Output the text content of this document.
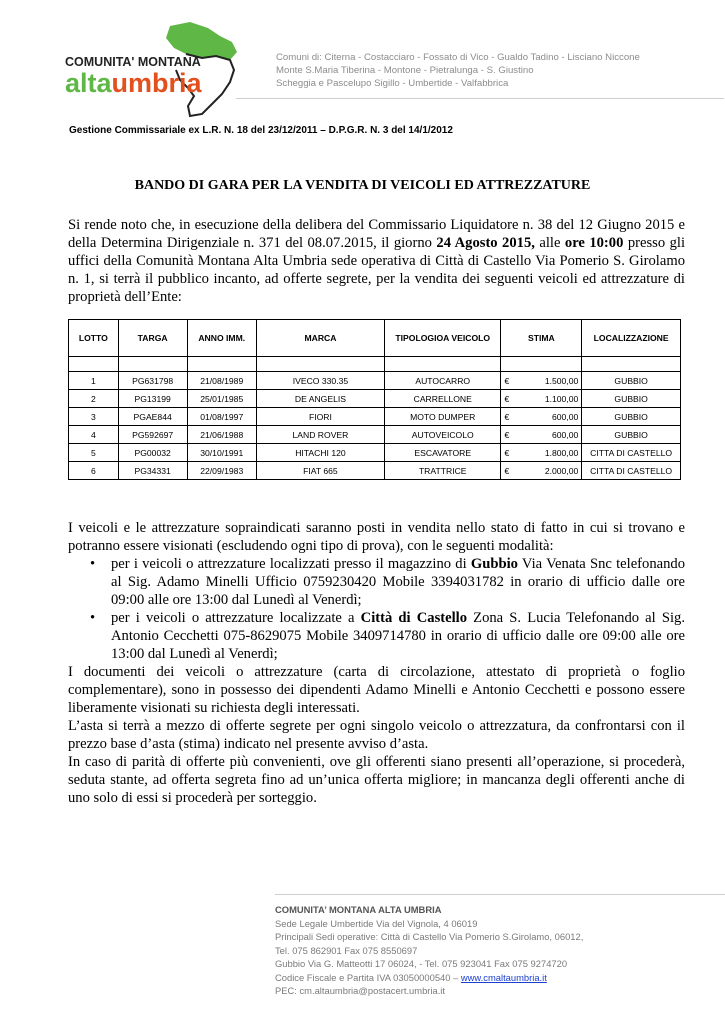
COMUNITA' MONTANA
altaumbria
Comuni di: Citerna - Costacciaro - Fossato di Vico - Gualdo Tadino - Lisciano Niccone
Monte S.Maria Tiberina - Montone - Pietralunga - S. Giustino
Scheggia e Pascelupo Sigillo - Umbertide - Valfabbrica
Gestione Commissariale ex L.R. N. 18 del 23/12/2011 – D.P.G.R. N. 3 del 14/1/2012
BANDO DI GARA PER LA VENDITA DI VEICOLI ED ATTREZZATURE
Si rende noto che, in esecuzione della delibera del Commissario Liquidatore n. 38 del 12 Giugno 2015 e della Determina Dirigenziale n. 371 del 08.07.2015, il giorno 24 Agosto 2015, alle ore 10:00 presso gli uffici della Comunità Montana Alta Umbria sede operativa di Città di Castello Via Pomerio S. Girolamo n. 1, si terrà il pubblico incanto, ad offerte segrete, per la vendita dei seguenti veicoli ed attrezzature di proprietà dell’Ente:
LOTTO	TARGA	ANNO IMM.	MARCA	TIPOLOGIOA VEICOLO	STIMA		LOCALIZZAZIONE

1	PG631798	21/08/1989	IVECO 330.35	AUTOCARRO	€	1.500,00	GUBBIO
2	PG13199	25/01/1985	DE ANGELIS	CARRELLONE	€	1.100,00	GUBBIO
3	PGAE844	01/08/1997	FIORI	MOTO DUMPER	€	600,00	GUBBIO
4	PG592697	21/06/1988	LAND ROVER	AUTOVEICOLO	€	600,00	GUBBIO
5	PG00032	30/10/1991	HITACHI 120	ESCAVATORE	€	1.800,00	CITTA DI CASTELLO
6	PG34331	22/09/1983	FIAT 665	TRATTRICE	€	2.000,00	CITTA DI CASTELLO

I veicoli e le attrezzature sopraindicati saranno posti in vendita nello stato di fatto in cui si trovano e potranno essere visionati (escludendo ogni tipo di prova), con le seguenti modalità:

• per i veicoli o attrezzature localizzati presso il magazzino di Gubbio Via Venata Snc telefonando al Sig. Adamo Minelli Ufficio 0759230420 Mobile 3394031782 in orario di ufficio dalle ore 09:00 alle ore 13:00 dal Lunedì al Venerdì;
• per i veicoli o attrezzature localizzate a Città di Castello Zona S. Lucia Telefonando al Sig. Antonio Cecchetti 075-8629075 Mobile 3409714780 in orario di ufficio dalle ore 09:00 alle ore 13:00 dal Lunedì al Venerdì;

I documenti dei veicoli o attrezzature (carta di circolazione, attestato di proprietà o foglio complementare), sono in possesso dei dipendenti Adamo Minelli e Antonio Cecchetti e possono essere liberamente visionati su richiesta degli interessati.

L’asta si terrà a mezzo di offerte segrete per ogni singolo veicolo o attrezzatura, da confrontarsi con il prezzo base d’asta (stima) indicato nel presente avviso d’asta.

In caso di parità di offerte più convenienti, ove gli offerenti siano presenti all’operazione, si procederà, seduta stante, ad offerta segreta fino ad un’unica offerta migliore; in mancanza degli offerenti anche di uno solo di essi si procederà per sorteggio.

COMUNITA’ MONTANA ALTA UMBRIA
Sede Legale Umbertide Via del Vignola, 4 06019
Principali Sedi operative: Città di Castello Via Pomerio S.Girolamo, 06012,
Tel. 075 862901 Fax 075 8550697
Gubbio Via G. Matteotti 17 06024, - Tel. 075 923041 Fax 075 9274720
Codice Fiscale e Partita IVA 03050000540 – www.cmaltaumbria.it
PEC: cm.altaumbria@postacert.umbria.it
